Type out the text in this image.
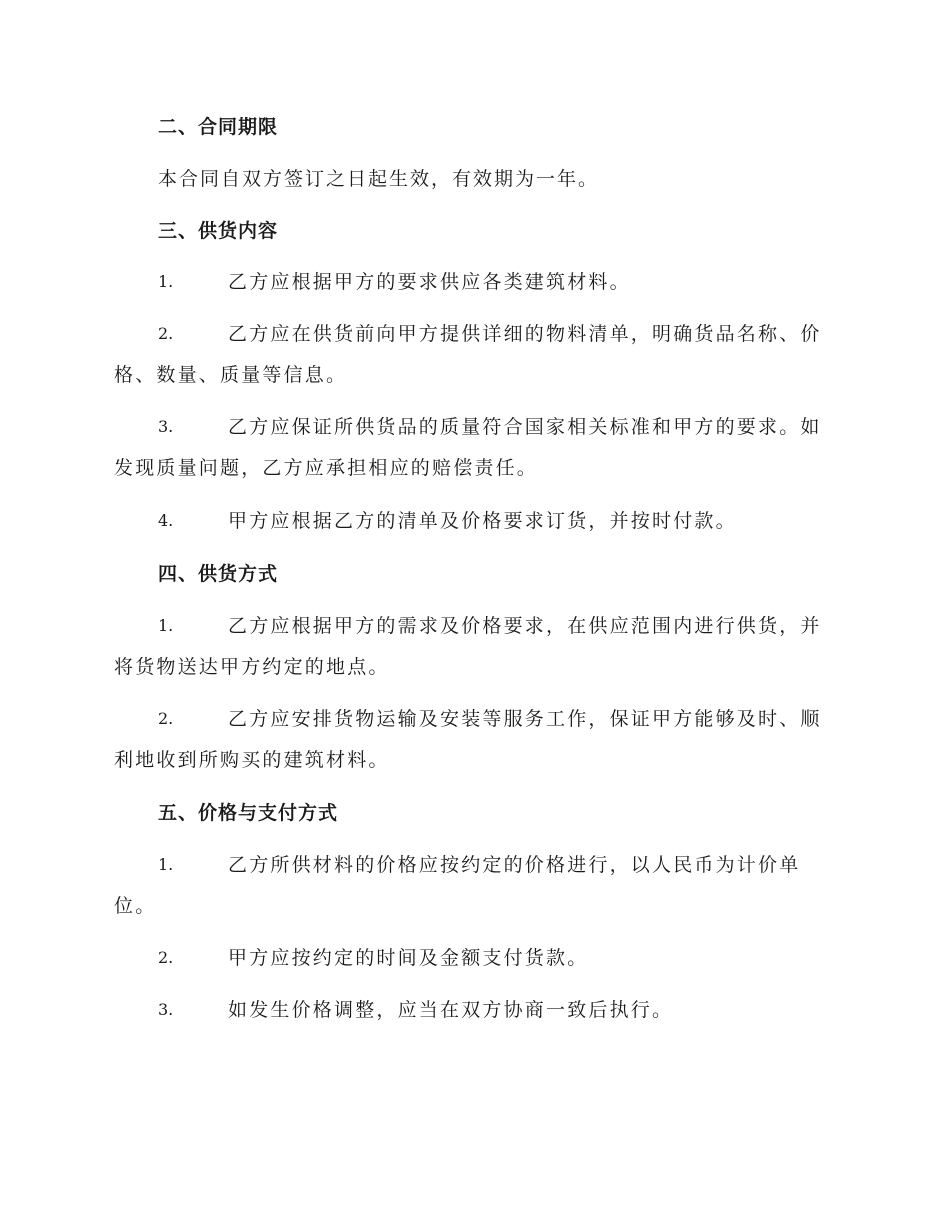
二、合同期限
本合同自双方签订之日起生效，有效期为一年。
三、供货内容
1.	乙方应根据甲方的要求供应各类建筑材料。
2.	乙方应在供货前向甲方提供详细的物料清单，明确货品名称、价
格、数量、质量等信息。
3.	乙方应保证所供货品的质量符合国家相关标准和甲方的要求。如
发现质量问题，乙方应承担相应的赔偿责任。
4.	甲方应根据乙方的清单及价格要求订货，并按时付款。
四、供货方式
1.	乙方应根据甲方的需求及价格要求，在供应范围内进行供货，并
将货物送达甲方约定的地点。
2.	乙方应安排货物运输及安装等服务工作，保证甲方能够及时、顺
利地收到所购买的建筑材料。
五、价格与支付方式
1.	乙方所供材料的价格应按约定的价格进行，以人民币为计价单
位。
2.	甲方应按约定的时间及金额支付货款。
3.	如发生价格调整，应当在双方协商一致后执行。
